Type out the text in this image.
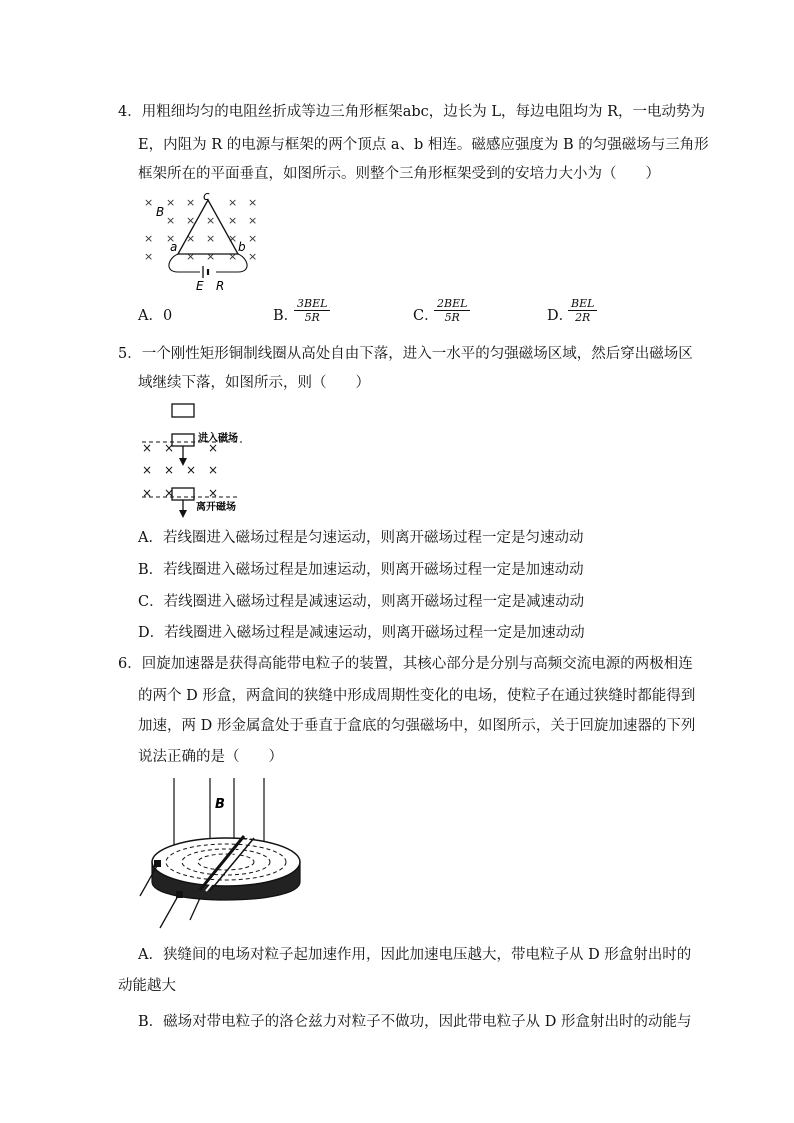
4．用粗细均匀的电阻丝折成等边三角形框架abc，边长为 L，每边电阻均为 R，一电动势为
E，内阻为 R 的电源与框架的两个顶点 a、b 相连。磁感应强度为 B 的匀强磁场与三角形
框架所在的平面垂直，如图所示。则整个三角形框架受到的安培力大小为（　　）
× × ×	× ×
× × × × ×
× × × × × ×
×	× × × ×
B
c
a	b
E R
A．0	B．
3BEL
5R	C．
2BEL
5R	D．
BEL
2R
5．一个刚性矩形铜制线圈从高处自由下落，进入一水平的匀强磁场区域，然后穿出磁场区
域继续下落，如图所示，则（　　）
× ×	×
× × × ×
× ×	×
进入磁场
离开磁场
A．若线圈进入磁场过程是匀速运动，则离开磁场过程一定是匀速动动
B．若线圈进入磁场过程是加速运动，则离开磁场过程一定是加速动动
C．若线圈进入磁场过程是减速运动，则离开磁场过程一定是减速动动
D．若线圈进入磁场过程是减速运动，则离开磁场过程一定是加速动动
6．回旋加速器是获得高能带电粒子的装置，其核心部分是分别与高频交流电源的两极相连
的两个 D 形盒，两盒间的狭缝中形成周期性变化的电场，使粒子在通过狭缝时都能得到
加速，两 D 形金属盒处于垂直于盒底的匀强磁场中，如图所示，关于回旋加速器的下列
说法正确的是（　　）
B
A．狭缝间的电场对粒子起加速作用，因此加速电压越大，带电粒子从 D 形盒射出时的
动能越大
B．磁场对带电粒子的洛仑兹力对粒子不做功，因此带电粒子从 D 形盒射出时的动能与
